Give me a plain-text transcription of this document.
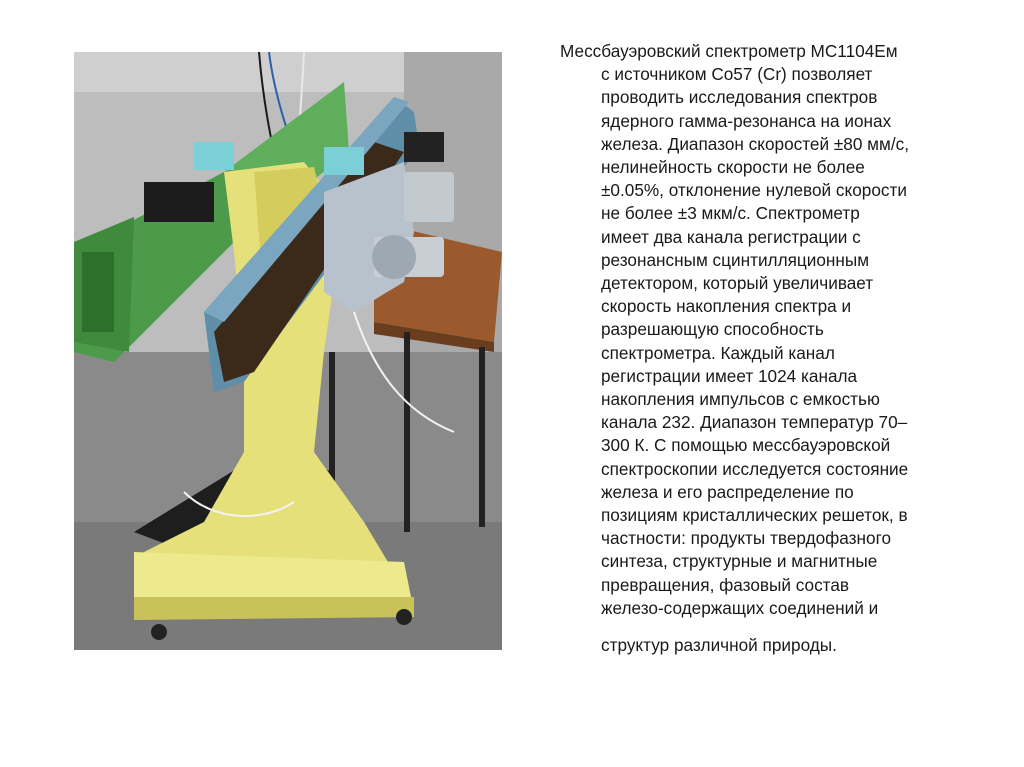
Мессбауэровский спектрометр МС1104Ем
с источником Co57 (Cr) позволяет
проводить исследования спектров
ядерного гамма-резонанса на ионах
железа. Диапазон скоростей ±80 мм/с,
нелинейность скорости не более
±0.05%, отклонение нулевой скорости
не более ±3 мкм/с. Спектрометр
имеет два канала регистрации с
резонансным сцинтилляционным
детектором, который увеличивает
скорость накопления спектра и
разрешающую способность
спектрометра. Каждый канал
регистрации имеет 1024 канала
накопления импульсов с емкостью
канала 232. Диапазон температур 70–
300 К. С помощью мессбауэровской
спектроскопии исследуется состояние
железа и его распределение по
позициям кристаллических решеток, в
частности: продукты твердофазного
синтеза, структурные и магнитные
превращения, фазовый состав
железо-содержащих соединений и
структур различной природы.
